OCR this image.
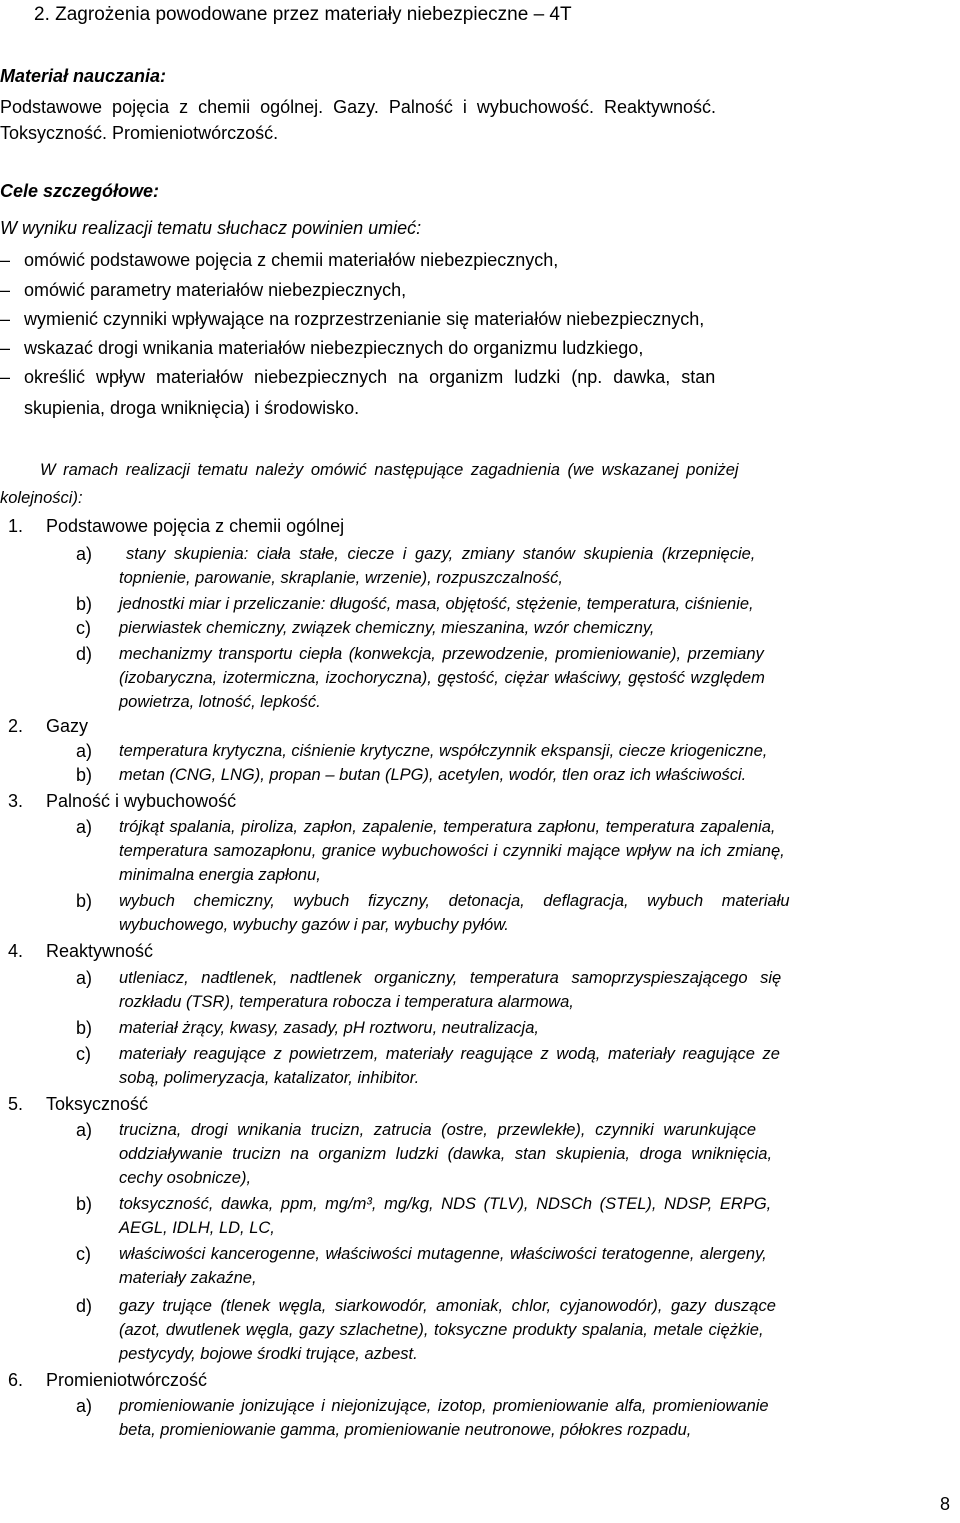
2. Zagrożenia powodowane przez materiały niebezpieczne – 4T
Materiał nauczania:
Podstawowe pojęcia z chemii ogólnej. Gazy. Palność i wybuchowość. Reaktywność.
Toksyczność. Promieniotwórczość.
Cele szczegółowe:
W wyniku realizacji tematu słuchacz powinien umieć:
– omówić podstawowe pojęcia z chemii materiałów niebezpiecznych,
– omówić parametry materiałów niebezpiecznych,
– wymienić czynniki wpływające na rozprzestrzenianie się materiałów niebezpiecznych,
– wskazać drogi wnikania materiałów niebezpiecznych do organizmu ludzkiego,
– określić wpływ materiałów niebezpiecznych na organizm ludzki (np. dawka, stan
skupienia, droga wniknięcia) i środowisko.
W ramach realizacji tematu należy omówić następujące zagadnienia (we wskazanej poniżej
kolejności):
1. Podstawowe pojęcia z chemii ogólnej
a) stany skupienia: ciała stałe, ciecze i gazy, zmiany stanów skupienia (krzepnięcie,
topnienie, parowanie, skraplanie, wrzenie), rozpuszczalność,
b) jednostki miar i przeliczanie: długość, masa, objętość, stężenie, temperatura, ciśnienie,
c) pierwiastek chemiczny, związek chemiczny, mieszanina, wzór chemiczny,
d) mechanizmy transportu ciepła (konwekcja, przewodzenie, promieniowanie), przemiany
(izobaryczna, izotermiczna, izochoryczna), gęstość, ciężar właściwy, gęstość względem
powietrza, lotność, lepkość.
2. Gazy
a) temperatura krytyczna, ciśnienie krytyczne, współczynnik ekspansji, ciecze kriogeniczne,
b) metan (CNG, LNG), propan – butan (LPG), acetylen, wodór, tlen oraz ich właściwości.
3. Palność i wybuchowość
a) trójkąt spalania, piroliza, zapłon, zapalenie, temperatura zapłonu, temperatura zapalenia,
temperatura samozapłonu, granice wybuchowości i czynniki mające wpływ na ich zmianę,
minimalna energia zapłonu,
b) wybuch chemiczny, wybuch fizyczny, detonacja, deflagracja, wybuch materiału
wybuchowego, wybuchy gazów i par, wybuchy pyłów.
4. Reaktywność
a) utleniacz, nadtlenek, nadtlenek organiczny, temperatura samoprzyspieszającego się
rozkładu (TSR), temperatura robocza i temperatura alarmowa,
b) materiał żrący, kwasy, zasady, pH roztworu, neutralizacja,
c) materiały reagujące z powietrzem, materiały reagujące z wodą, materiały reagujące ze
sobą, polimeryzacja, katalizator, inhibitor.
5. Toksyczność
a) trucizna, drogi wnikania trucizn, zatrucia (ostre, przewlekłe), czynniki warunkujące
oddziaływanie trucizn na organizm ludzki (dawka, stan skupienia, droga wniknięcia,
cechy osobnicze),
b) toksyczność, dawka, ppm, mg/m³, mg/kg, NDS (TLV), NDSCh (STEL), NDSP, ERPG,
AEGL, IDLH, LD, LC,
c) właściwości kancerogenne, właściwości mutagenne, właściwości teratogenne, alergeny,
materiały zakaźne,
d) gazy trujące (tlenek węgla, siarkowodór, amoniak, chlor, cyjanowodór), gazy duszące
(azot, dwutlenek węgla, gazy szlachetne), toksyczne produkty spalania, metale ciężkie,
pestycydy, bojowe środki trujące, azbest.
6. Promieniotwórczość
a) promieniowanie jonizujące i niejonizujące, izotop, promieniowanie alfa, promieniowanie
beta, promieniowanie gamma, promieniowanie neutronowe, półokres rozpadu,
8
